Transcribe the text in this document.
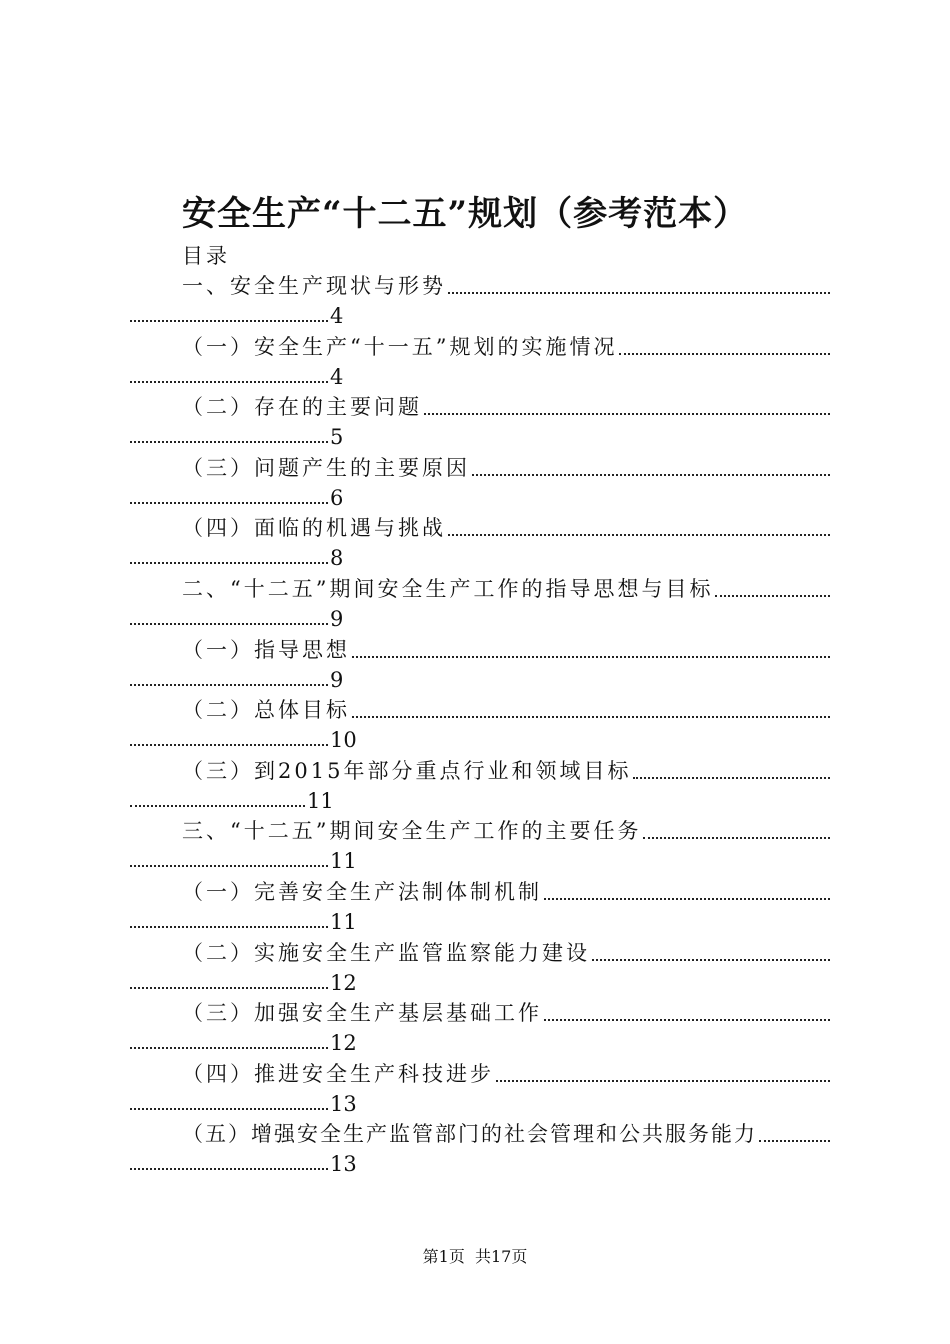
安全生产“十二五”规划（参考范本）
目录
一、安全生产现状与形势
4
（一）安全生产“十一五”规划的实施情况
4
（二）存在的主要问题
5
（三）问题产生的主要原因
6
（四）面临的机遇与挑战
8
二、“十二五”期间安全生产工作的指导思想与目标
9
（一）指导思想
9
（二）总体目标
10
（三）到2015年部分重点行业和领域目标
11
三、“十二五”期间安全生产工作的主要任务
11
（一）完善安全生产法制体制机制
11
（二）实施安全生产监管监察能力建设
12
（三）加强安全生产基层基础工作
12
（四）推进安全生产科技进步
13
（五）增强安全生产监管部门的社会管理和公共服务能力
13
第1页  共17页
